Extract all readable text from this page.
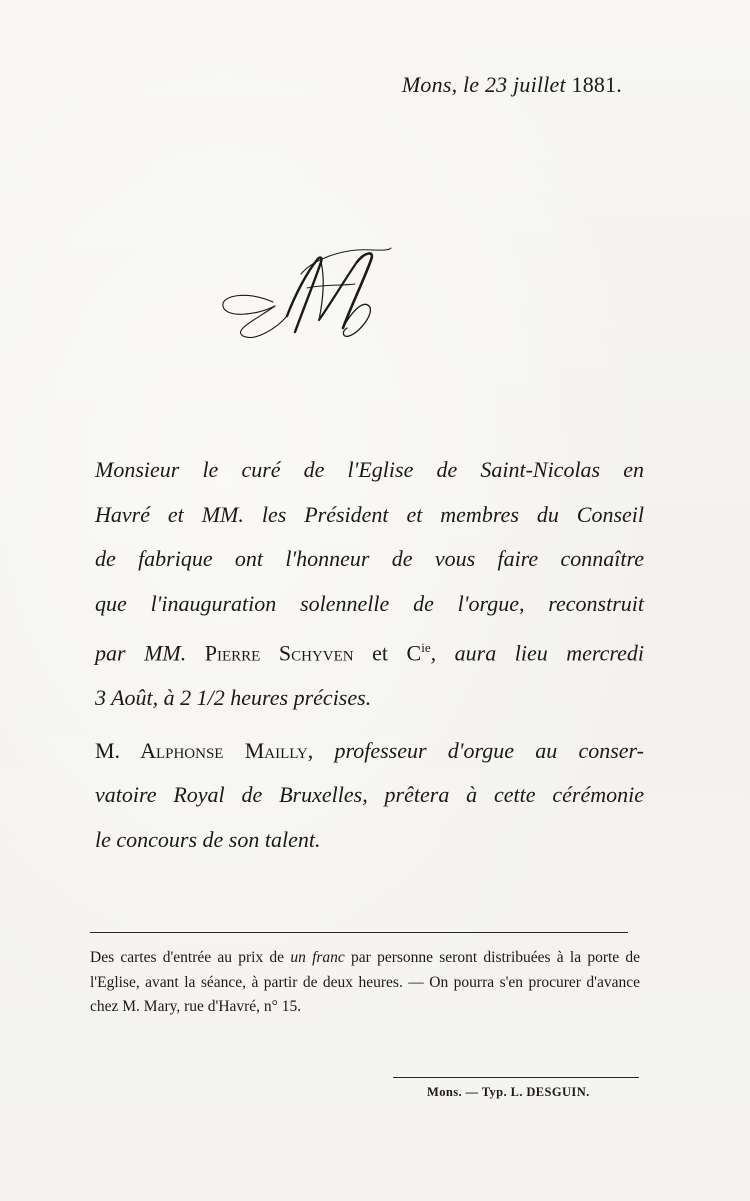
Mons, le 23 juillet 1881.

Monsieur le curé de l'Eglise de Saint-Nicolas en
Havré et MM. les Président et membres du Conseil
de fabrique ont l'honneur de vous faire connaître
que l'inauguration solennelle de l'orgue, reconstruit
par MM. Pierre Schyven et $C^{ie}$, aura lieu mercredi
3 Août, à 2 1/2 heures précises.

M. Alphonse Mailly, professeur d'orgue au conser-
vatoire Royal de Bruxelles, prêtera à cette cérémonie
le concours de son talent.

Des cartes d'entrée au prix de un franc par personne seront distribuées à la porte de l'Eglise, avant la séance, à partir de deux heures. — On pourra s'en procurer d'avance chez M. Mary, rue d'Havré, n° 15.
Mons. — Typ. L. DESGUIN.
